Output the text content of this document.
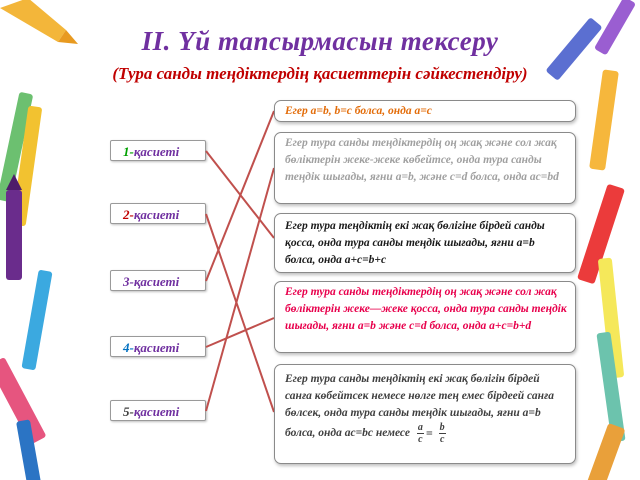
II. Үй тапсырмасын тексеру
(Тура санды теңдіктердің қасиеттерін сәйкестендіру)
1-қасиеті
2-қасиеті
3-қасиеті
4-қасиеті
5-қасиеті
Егер a=b, b=c болса, онда a=c
Егер тура санды теңдіктердің оң жақ және сол жақ бөліктерін жеке-жеке көбейтсе, онда тура санды теңдік шығады, яғни a=b, және c=d болса, онда ac=bd
Егер тура теңдіктің екі жақ бөлігіне бірдей санды қосса, онда тура санды теңдік шығады, яғни a=b болса, онда a+c=b+c
Егер тура санды теңдіктердің оң жақ және сол жақ бөліктерін жеке—жеке қосса, онда тура санды теңдік шығады, яғни a=b және c=d болса, онда a+c=b+d
Егер тура санды теңдіктің екі жақ бөлігін бірдей санға көбейтсек немесе нөлге тең емес бірдеей санға бөлсек, онда тура санды теңдік шығады, яғни a=b болса, онда ac=bc немесе $\frac{a}{c} = \frac{b}{c}$
